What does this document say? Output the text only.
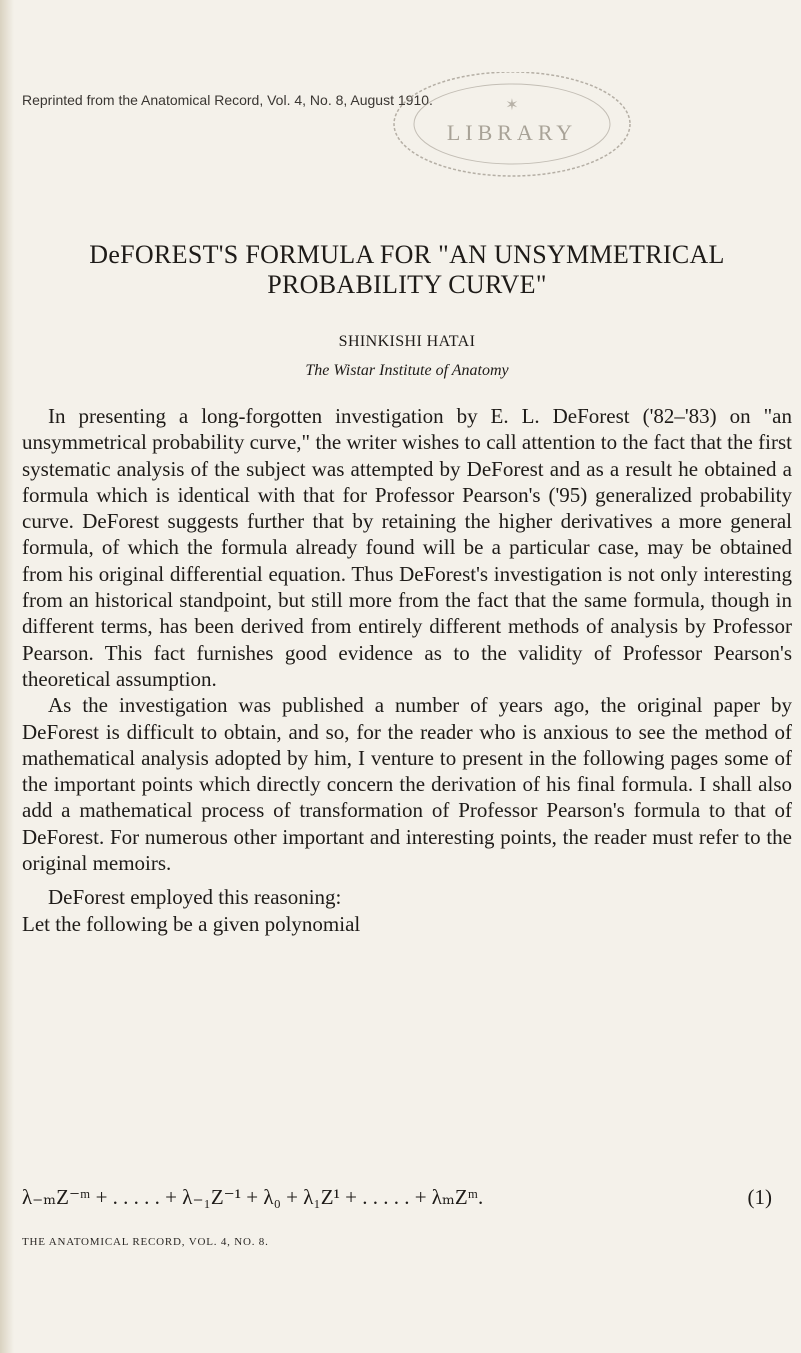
Reprinted from the Anatomical Record, Vol. 4, No. 8, August 1910.
LIBRARY
✶
DeFOREST'S FORMULA FOR "AN UNSYMMETRICAL
PROBABILITY CURVE"
SHINKISHI HATAI
The Wistar Institute of Anatomy

In presenting a long-forgotten investigation by E. L. DeForest ('82–'83) on "an unsymmetrical probability curve," the writer wishes to call attention to the fact that the first systematic analysis of the subject was attempted by DeForest and as a result he obtained a formula which is identical with that for Professor Pearson's ('95) generalized probability curve. DeForest suggests further that by retaining the higher derivatives a more general formula, of which the formula already found will be a particular case, may be obtained from his original differential equation. Thus DeForest's investigation is not only interesting from an historical standpoint, but still more from the fact that the same formula, though in different terms, has been derived from entirely different methods of analysis by Professor Pearson. This fact furnishes good evidence as to the validity of Professor Pearson's theoretical assumption.

As the investigation was published a number of years ago, the original paper by DeForest is difficult to obtain, and so, for the reader who is anxious to see the method of mathematical analysis adopted by him, I venture to present in the following pages some of the important points which directly concern the derivation of his final formula. I shall also add a mathematical process of transformation of Professor Pearson's formula to that of DeForest. For numerous other important and interesting points, the reader must refer to the original memoirs.

DeForest employed this reasoning:

Let the following be a given polynomial

λ₋ₘZ⁻ᵐ + . . . . . + λ₋₁Z⁻¹ + λ₀ + λ₁Z¹ + . . . . . + λₘZᵐ.	(1)
THE ANATOMICAL RECORD, VOL. 4, NO. 8.
